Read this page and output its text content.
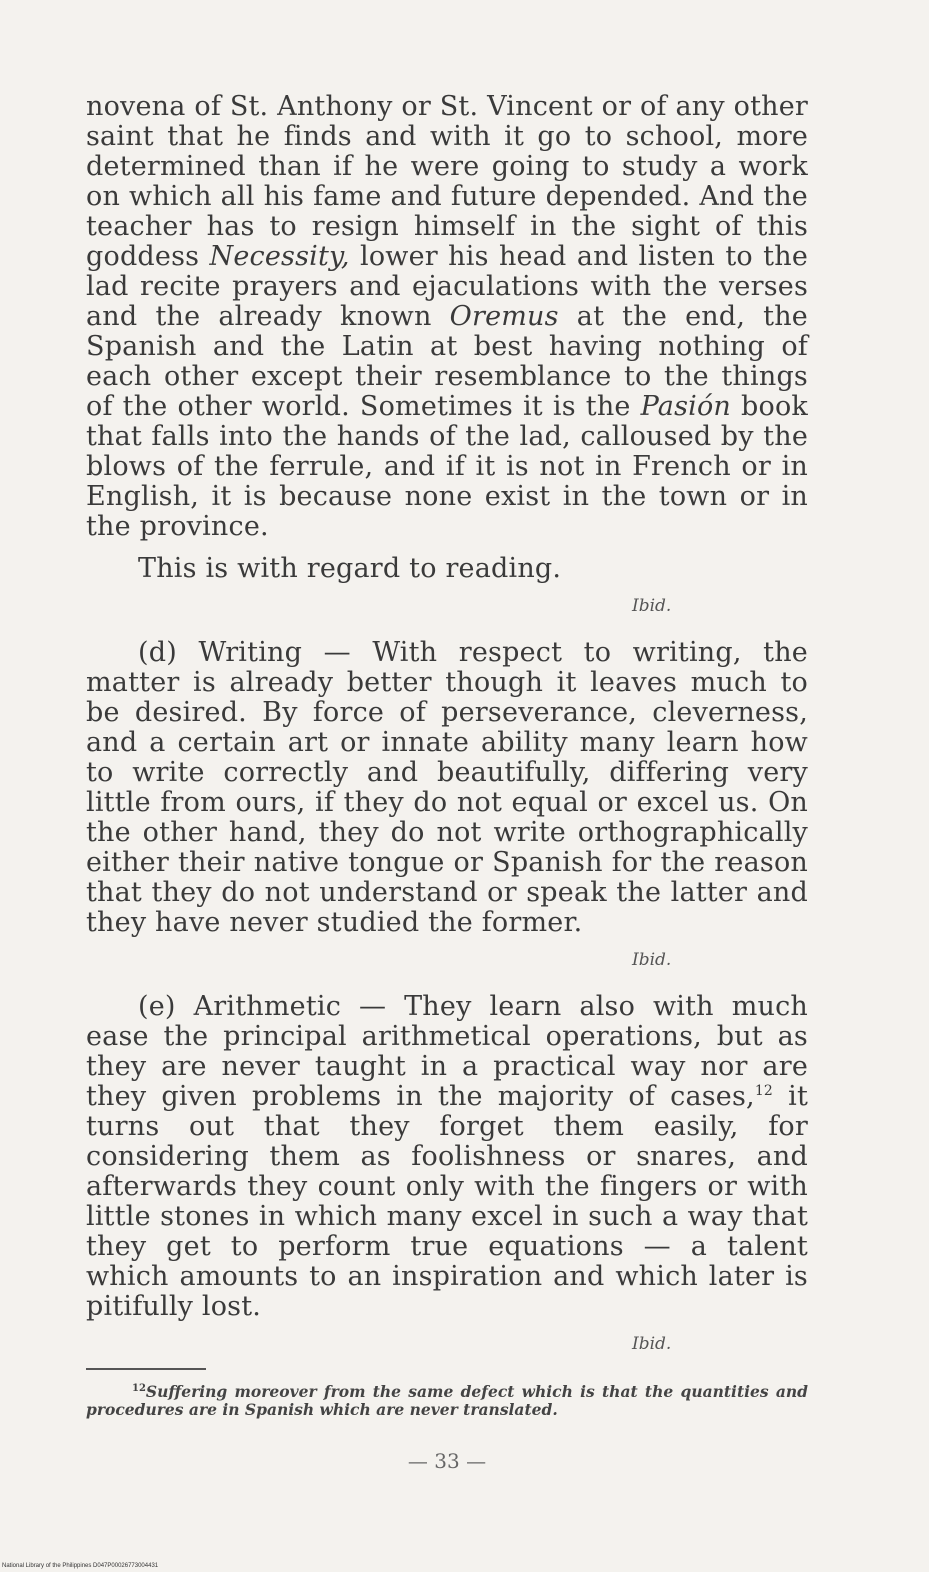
novena of St. Anthony or St. Vincent or of any other saint that he finds and with it go to school, more determined than if he were going to study a work on which all his fame and future depended. And the teacher has to resign himself in the sight of this goddess Necessity, lower his head and listen to the lad recite prayers and ejaculations with the verses and the already known Oremus at the end, the Spanish and the Latin at best having nothing of each other except their resemblance to the things of the other world. Sometimes it is the Pasión book that falls into the hands of the lad, calloused by the blows of the ferrule, and if it is not in French or in English, it is because none exist in the town or in the province.

This is with regard to reading.

Ibid.

(d) Writing — With respect to writing, the matter is already better though it leaves much to be desired. By force of perseverance, cleverness, and a certain art or innate ability many learn how to write correctly and beautifully, differing very little from ours, if they do not equal or excel us. On the other hand, they do not write orthographically either their native tongue or Spanish for the reason that they do not understand or speak the latter and they have never studied the former.

Ibid.

(e) Arithmetic — They learn also with much ease the principal arithmetical operations, but as they are never taught in a practical way nor are they given problems in the majority of cases,$^{12}$ it turns out that they forget them easily, for considering them as foolishness or snares, and afterwards they count only with the fingers or with little stones in which many excel in such a way that they get to perform true equations — a talent which amounts to an inspiration and which later is pitifully lost.

Ibid.

$^{12}$Suffering moreover from the same defect which is that the quantities and procedures are in Spanish which are never translated.

— 33 —
National Library of the Philippines D047P00026773004431
